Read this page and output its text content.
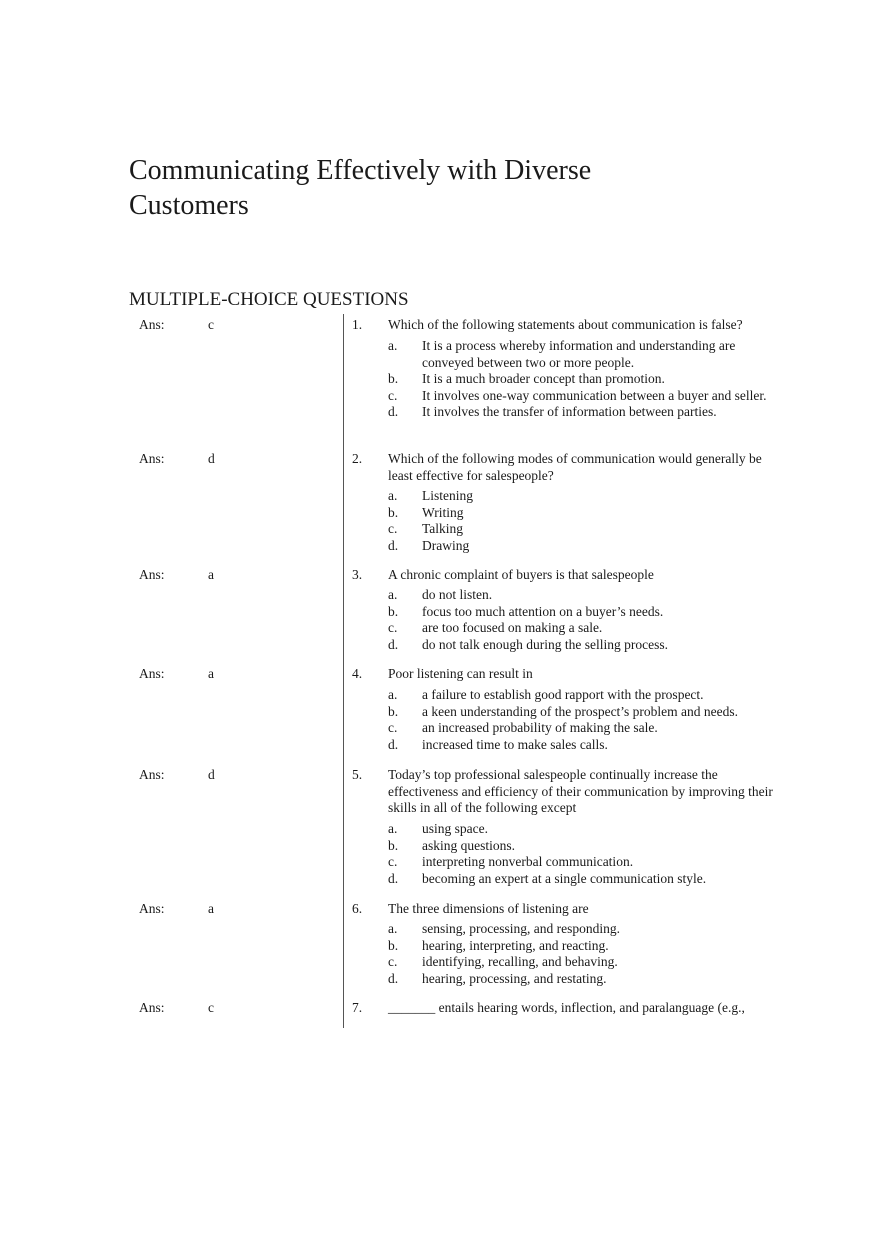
Communicating Effectively with Diverse Customers
MULTIPLE-CHOICE QUESTIONS
Ans:	c	1. Which of the following statements about communication is false?
a. It is a process whereby information and understanding are conveyed between two or more people.
b. It is a much broader concept than promotion.
c. It involves one-way communication between a buyer and seller.
d. It involves the transfer of information between parties.
Ans:	d	2. Which of the following modes of communication would generally be least effective for salespeople?
a. Listening
b. Writing
c. Talking
d. Drawing
Ans:	a	3. A chronic complaint of buyers is that salespeople
a. do not listen.
b. focus too much attention on a buyer’s needs.
c. are too focused on making a sale.
d. do not talk enough during the selling process.
Ans:	a	4. Poor listening can result in
a. a failure to establish good rapport with the prospect.
b. a keen understanding of the prospect’s problem and needs.
c. an increased probability of making the sale.
d. increased time to make sales calls.
Ans:	d	5. Today’s top professional salespeople continually increase the effectiveness and efficiency of their communication by improving their skills in all of the following except
a. using space.
b. asking questions.
c. interpreting nonverbal communication.
d. becoming an expert at a single communication style.
Ans:	a	6. The three dimensions of listening are
a. sensing, processing, and responding.
b. hearing, interpreting, and reacting.
c. identifying, recalling, and behaving.
d. hearing, processing, and restating.
Ans:	c	7. _______ entails hearing words, inflection, and paralanguage (e.g.,
